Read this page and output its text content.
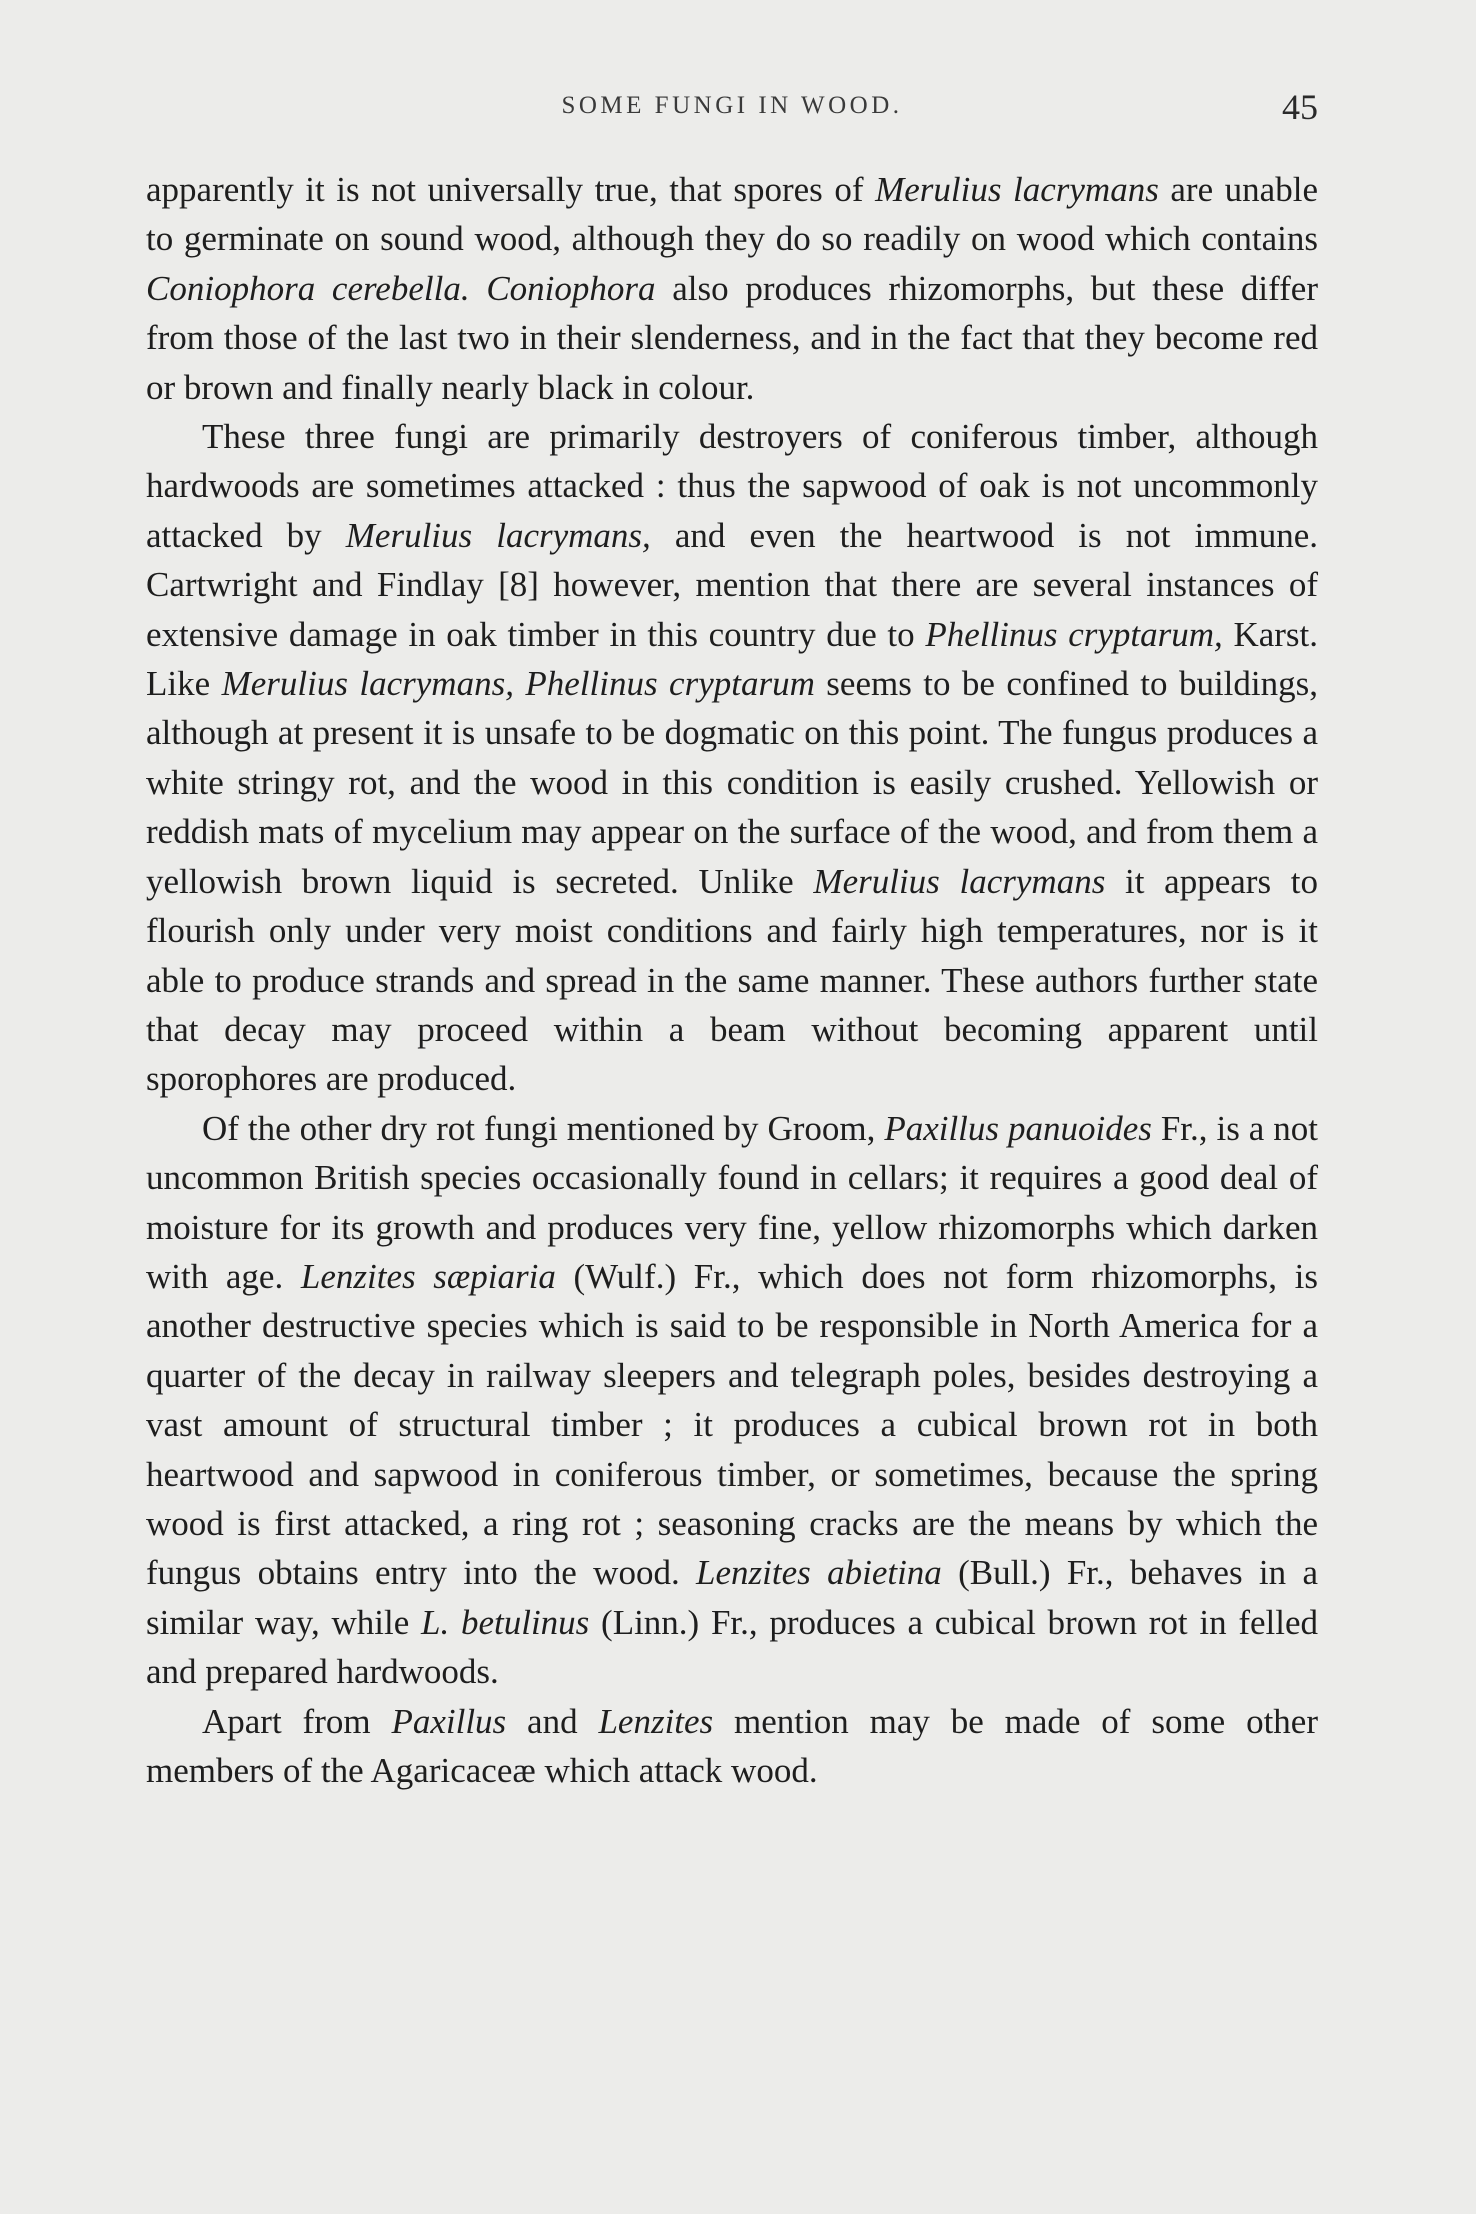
SOME FUNGI IN WOOD.	45

apparently it is not universally true, that spores of Merulius lacrymans are unable to germinate on sound wood, although they do so readily on wood which contains Coniophora cerebella. Coniophora also produces rhizomorphs, but these differ from those of the last two in their slenderness, and in the fact that they become red or brown and finally nearly black in colour.

These three fungi are primarily destroyers of coniferous timber, although hardwoods are sometimes attacked : thus the sapwood of oak is not uncommonly attacked by Merulius lacrymans, and even the heartwood is not immune. Cartwright and Findlay [8] however, mention that there are several instances of extensive damage in oak timber in this country due to Phellinus cryptarum, Karst. Like Merulius lacrymans, Phellinus cryptarum seems to be confined to buildings, although at present it is unsafe to be dogmatic on this point. The fungus produces a white stringy rot, and the wood in this condition is easily crushed. Yellowish or reddish mats of mycelium may appear on the surface of the wood, and from them a yellowish brown liquid is secreted. Unlike Merulius lacrymans it appears to flourish only under very moist conditions and fairly high temperatures, nor is it able to produce strands and spread in the same manner. These authors further state that decay may proceed within a beam without becoming apparent until sporophores are produced.

Of the other dry rot fungi mentioned by Groom, Paxillus panuoides Fr., is a not uncommon British species occasionally found in cellars; it requires a good deal of moisture for its growth and produces very fine, yellow rhizomorphs which darken with age. Lenzites sæpiaria (Wulf.) Fr., which does not form rhizomorphs, is another destructive species which is said to be responsible in North America for a quarter of the decay in railway sleepers and telegraph poles, besides destroying a vast amount of structural timber ; it produces a cubical brown rot in both heartwood and sapwood in coniferous timber, or sometimes, because the spring wood is first attacked, a ring rot ; seasoning cracks are the means by which the fungus obtains entry into the wood. Lenzites abietina (Bull.) Fr., behaves in a similar way, while L. betulinus (Linn.) Fr., produces a cubical brown rot in felled and prepared hardwoods.

Apart from Paxillus and Lenzites mention may be made of some other members of the Agaricaceæ which attack wood.
